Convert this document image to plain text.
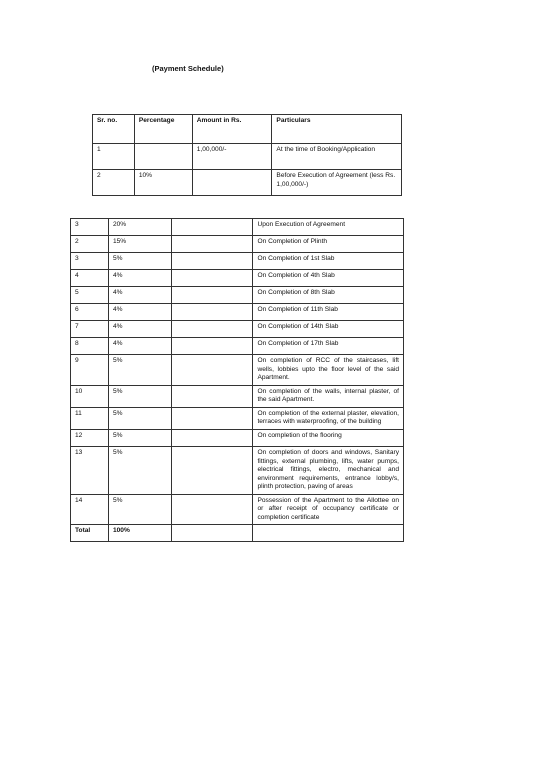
(Payment Schedule)
Sr. no.	Percentage	Amount in Rs.	Particulars
1		1,00,000/-	At the time of Booking/Application
2	10%		Before Execution of Agreement (less Rs. 1,00,000/-)
3	20%		Upon Execution of Agreement
2	15%		On Completion of Plinth
3	5%		On Completion of 1st Slab
4	4%		On Completion of 4th Slab
5	4%		On Completion of 8th Slab
6	4%		On Completion of 11th Slab
7	4%		On Completion of 14th Slab
8	4%		On Completion of 17th Slab
9	5%		On completion of RCC of the staircases, lift wells, lobbies upto the floor level of the said Apartment.
10	5%		On completion of the walls, internal plaster, of the said Apartment.
11	5%		On completion of the external plaster, elevation, terraces with waterproofing, of the building
12	5%		On completion of the flooring
13	5%		On completion of doors and windows, Sanitary fittings, external plumbing, lifts, water pumps, electrical fittings, electro, mechanical and environment requirements, entrance lobby/s, plinth protection, paving of areas
14	5%		Possession of the Apartment to the Allottee on or after receipt of occupancy certificate or completion certificate
Total	100%		
